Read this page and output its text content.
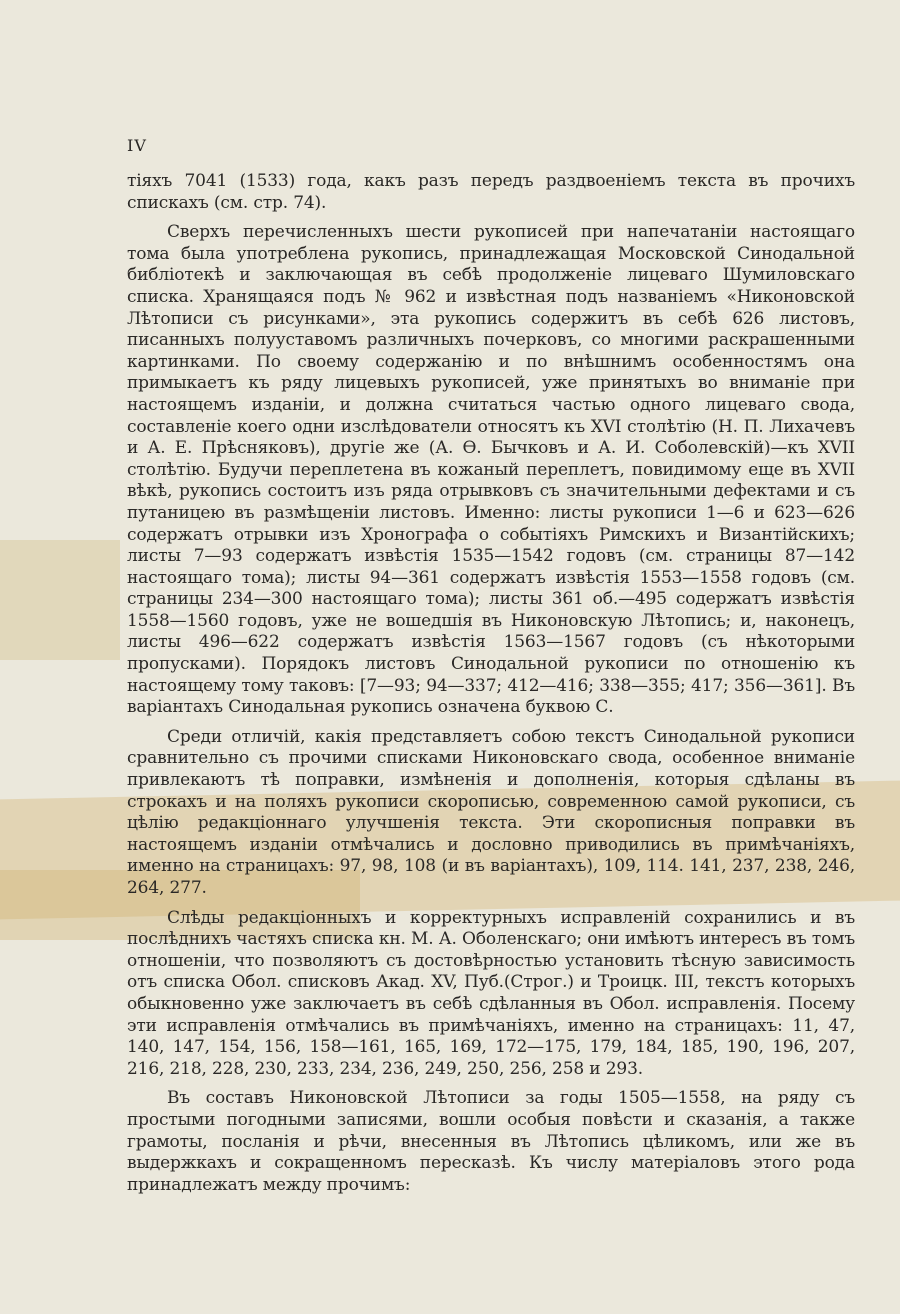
IV

тіяхъ 7041 (1533) года, какъ разъ передъ раздвоеніемъ текста въ прочихъ спискахъ (см. стр. 74).

Сверхъ перечисленныхъ шести рукописей при напечатаніи настоящаго тома была употреблена рукопись, принадлежащая Московской Синодальной библіотекѣ и заключающая въ себѣ продолженіе лицеваго Шумиловскаго списка. Хранящаяся подъ № 962 и извѣстная подъ названіемъ «Никоновской Лѣтописи съ рисунками», эта рукопись содержитъ въ себѣ 626 листовъ, писанныхъ полууставомъ различныхъ почерковъ, со многими раскрашенными картинками. По своему содержанію и по внѣшнимъ особенностямъ она примыкаетъ къ ряду лицевыхъ рукописей, уже принятыхъ во вниманіе при настоящемъ изданіи, и должна считаться частью одного лицеваго свода, составленіе коего одни изслѣдователи относятъ къ XVI столѣтію (Н. П. Лихачевъ и А. Е. Прѣсняковъ), другіе же (А. Ѳ. Бычковъ и А. И. Соболевскій)—къ XVII столѣтію. Будучи переплетена въ кожаный переплетъ, повидимому еще въ XVII вѣкѣ, рукопись состоитъ изъ ряда отрывковъ съ значительными дефектами и съ путаницею въ размѣщеніи листовъ. Именно: листы рукописи 1—6 и 623—626 содержатъ отрывки изъ Хронографа о событіяхъ Римскихъ и Византійскихъ; листы 7—93 содержатъ извѣстія 1535—1542 годовъ (см. страницы 87—142 настоящаго тома); листы 94—361 содержатъ извѣстія 1553—1558 годовъ (см. страницы 234—300 настоящаго тома); листы 361 об.—495 содержатъ извѣстія 1558—1560 годовъ, уже не вошедшія въ Никоновскую Лѣтопись; и, наконецъ, листы 496—622 содержатъ извѣстія 1563—1567 годовъ (съ нѣкоторыми пропусками). Порядокъ листовъ Синодальной рукописи по отношенію къ настоящему тому таковъ: [7—93; 94—337; 412—416; 338—355; 417; 356—361]. Въ варіантахъ Синодальная рукопись означена буквою С.

Среди отличій, какія представляетъ собою текстъ Синодальной рукописи сравнительно съ прочими списками Никоновскаго свода, особенное вниманіе привлекаютъ тѣ поправки, измѣненія и дополненія, которыя сдѣланы въ строкахъ и на поляхъ рукописи скорописью, современною самой рукописи, съ цѣлію редакціоннаго улучшенія текста. Эти скорописныя поправки въ настоящемъ изданіи отмѣчались и дословно приводились въ примѣчаніяхъ, именно на страницахъ: 97, 98, 108 (и въ варіантахъ), 109, 114. 141, 237, 238, 246, 264, 277.

Слѣды редакціонныхъ и корректурныхъ исправленій сохранились и въ послѣднихъ частяхъ списка кн. М. А. Оболенскаго; они имѣютъ интересъ въ томъ отношеніи, что позволяютъ съ достовѣрностью установить тѣсную зависимость отъ списка Обол. списковъ Акад. XV, Пуб.(Строг.) и Троицк. III, текстъ которыхъ обыкновенно уже заключаетъ въ себѣ сдѣланныя въ Обол. исправленія. Посему эти исправленія отмѣчались въ примѣчаніяхъ, именно на страницахъ: 11, 47, 140, 147, 154, 156, 158—161, 165, 169, 172—175, 179, 184, 185, 190, 196, 207, 216, 218, 228, 230, 233, 234, 236, 249, 250, 256, 258 и 293.

Въ составъ Никоновской Лѣтописи за годы 1505—1558, на ряду съ простыми погодными записями, вошли особыя повѣсти и сказанія, а также грамоты, посланія и рѣчи, внесенныя въ Лѣтопись цѣликомъ, или же въ выдержкахъ и сокращенномъ пересказѣ. Къ числу матеріаловъ этого рода принадлежатъ между прочимъ:
